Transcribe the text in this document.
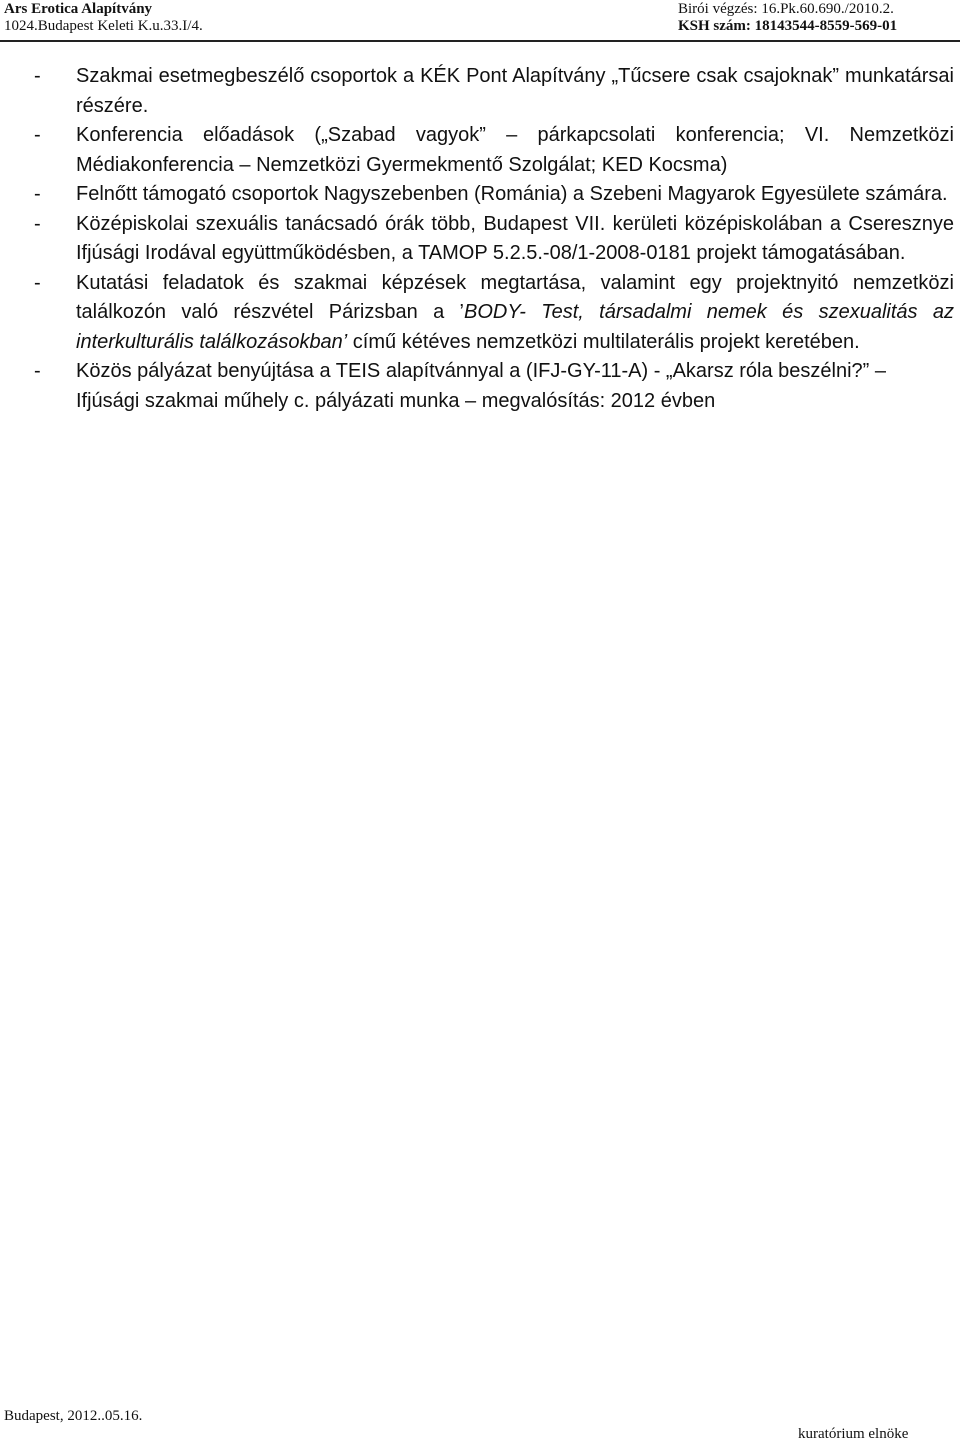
Ars Erotica Alapítvány
1024.Budapest Keleti K.u.33.I/4.
Birói végzés: 16.Pk.60.690./2010.2.
KSH szám: 18143544-8559-569-01

- Szakmai esetmegbeszélő csoportok a KÉK Pont Alapítvány „Tűcsere csak csajoknak” munkatársai részére.

- Konferencia előadások („Szabad vagyok” – párkapcsolati konferencia; VI. Nemzetközi Médiakonferencia – Nemzetközi Gyermekmentő Szolgálat; KED Kocsma)

- Felnőtt támogató csoportok Nagyszebenben (Románia) a Szebeni Magyarok Egyesülete számára.

- Középiskolai szexuális tanácsadó órák több, Budapest VII. kerületi középiskolában a Cseresznye Ifjúsági Irodával együttműködésben, a TAMOP 5.2.5.-08/1-2008-0181 projekt támogatásában.

- Kutatási feladatok és szakmai képzések megtartása, valamint egy projektnyitó nemzetközi találkozón való részvétel Párizsban a ’BODY- Test, társadalmi nemek és szexualitás az interkulturális találkozásokban’ című kétéves nemzetközi multilaterális projekt keretében.

- Közös pályázat benyújtása a TEIS alapítvánnyal a (IFJ-GY-11-A) - „Akarsz róla beszélni?” – Ifjúsági szakmai műhely c. pályázati munka – megvalósítás: 2012 évben

Budapest, 2012..05.16.
kuratórium elnöke
